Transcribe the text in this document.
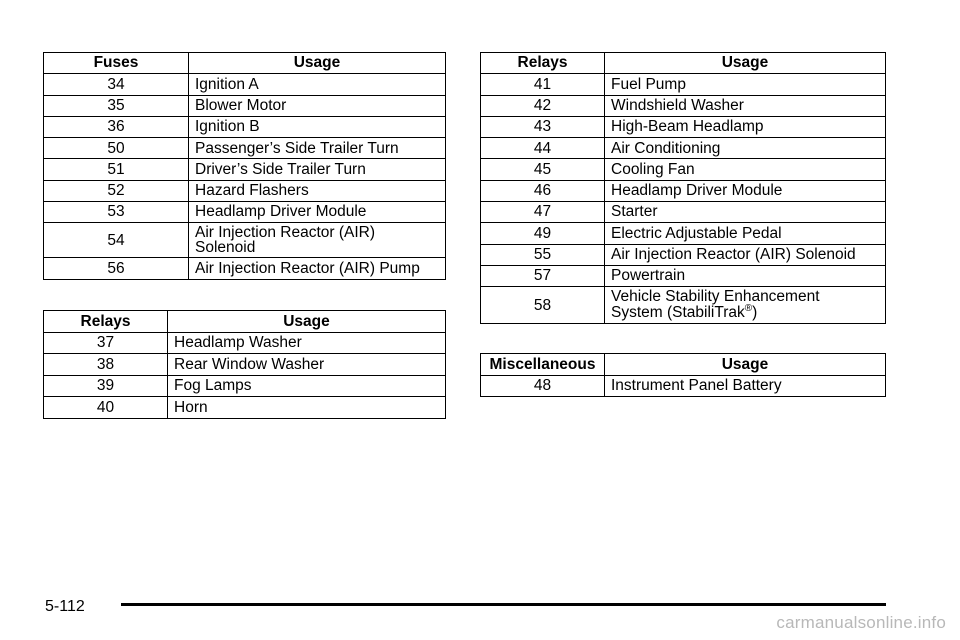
Fuses	Usage
34	Ignition A
35	Blower Motor
36	Ignition B
50	Passenger’s Side Trailer Turn
51	Driver’s Side Trailer Turn
52	Hazard Flashers
53	Headlamp Driver Module
54	Air Injection Reactor (AIR)
Solenoid
56	Air Injection Reactor (AIR) Pump
Relays	Usage
37	Headlamp Washer
38	Rear Window Washer
39	Fog Lamps
40	Horn
Relays	Usage
41	Fuel Pump
42	Windshield Washer
43	High-Beam Headlamp
44	Air Conditioning
45	Cooling Fan
46	Headlamp Driver Module
47	Starter
49	Electric Adjustable Pedal
55	Air Injection Reactor (AIR) Solenoid
57	Powertrain
58	Vehicle Stability Enhancement
System (StabiliTrak®)
Miscellaneous	Usage
48	Instrument Panel Battery
5-112
carmanualsonline.info
